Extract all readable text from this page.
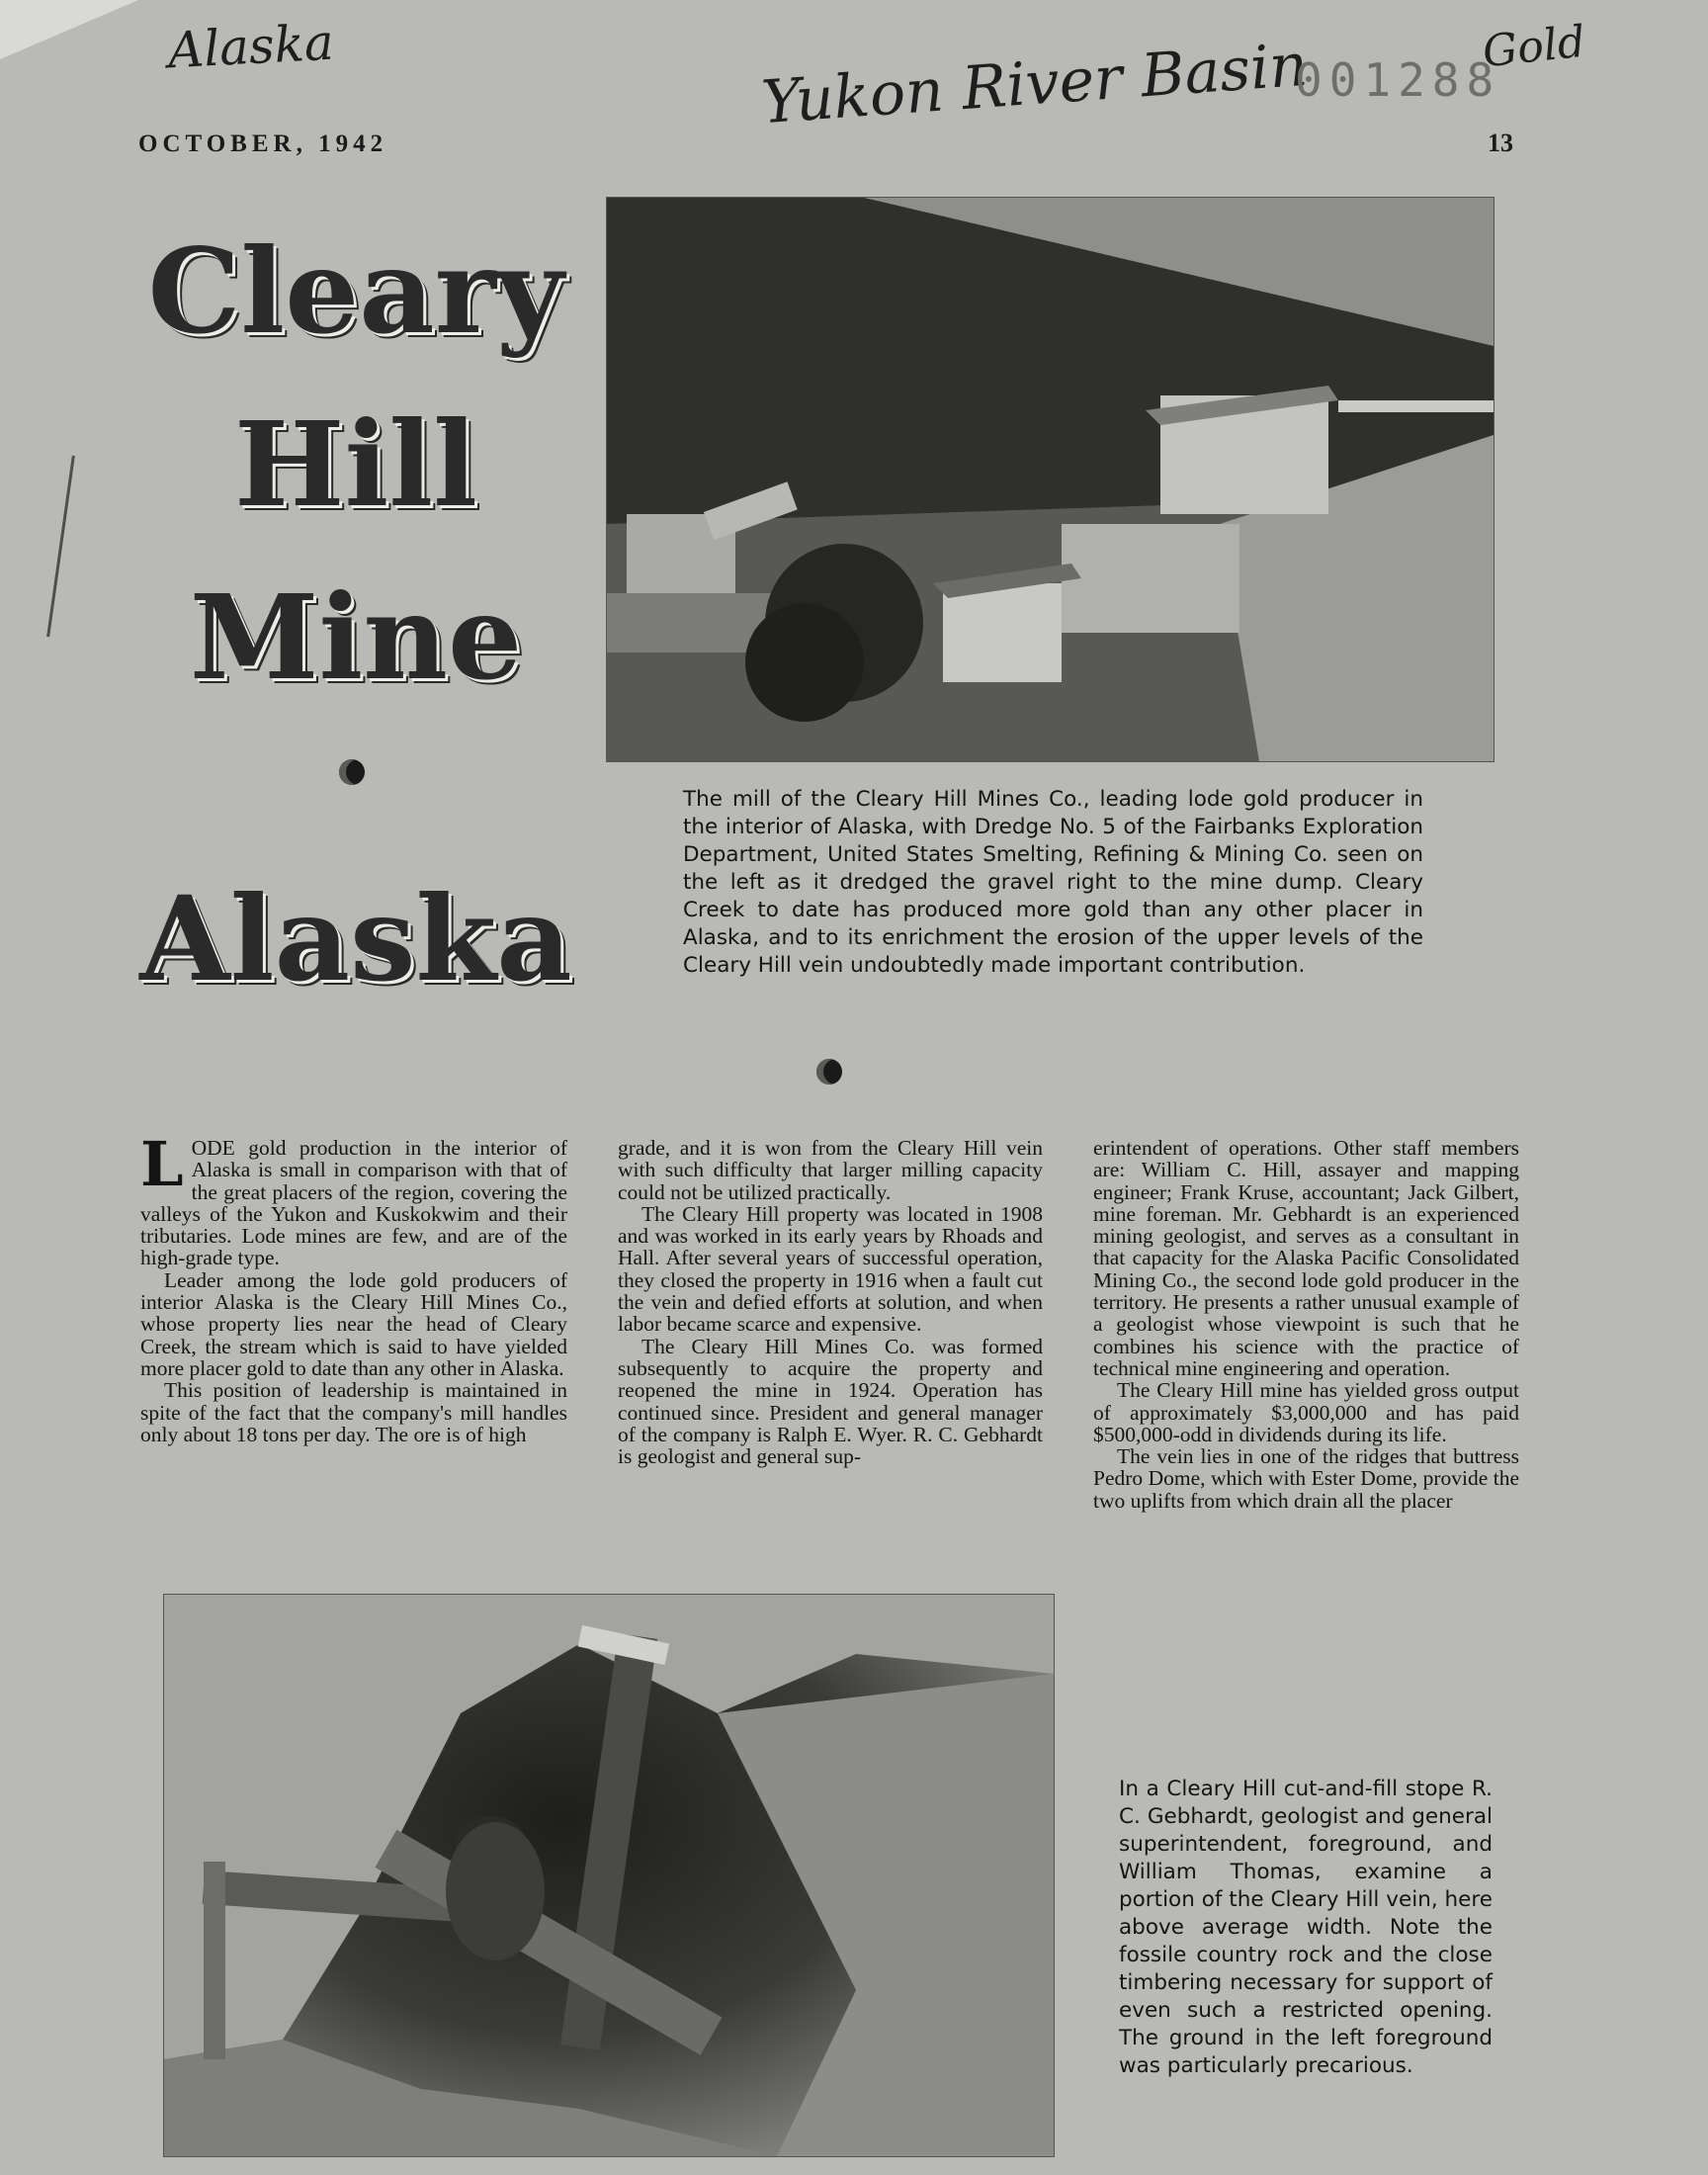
Alaska	Yukon River Basin
001288
Gold
OCTOBER, 1942	13
Cleary
Hill
Mine
Alaska
The mill of the Cleary Hill Mines Co., leading lode gold producer in the interior of Alaska, with Dredge No. 5 of the Fairbanks Exploration Department, United States Smelting, Refining & Mining Co. seen on the left as it dredged the gravel right to the mine dump. Cleary Creek to date has produced more gold than any other placer in Alaska, and to its enrichment the erosion of the upper levels of the Cleary Hill vein undoubtedly made important contribution.

LODE gold production in the interior of Alaska is small in comparison with that of the great placers of the region, covering the valleys of the Yukon and Kuskokwim and their tributaries. Lode mines are few, and are of the high-grade type.

Leader among the lode gold producers of interior Alaska is the Cleary Hill Mines Co., whose property lies near the head of Cleary Creek, the stream which is said to have yielded more placer gold to date than any other in Alaska.

This position of leadership is maintained in spite of the fact that the company's mill handles only about 18 tons per day. The ore is of high

grade, and it is won from the Cleary Hill vein with such difficulty that larger milling capacity could not be utilized practically.

The Cleary Hill property was located in 1908 and was worked in its early years by Rhoads and Hall. After several years of successful operation, they closed the property in 1916 when a fault cut the vein and defied efforts at solution, and when labor became scarce and expensive.

The Cleary Hill Mines Co. was formed subsequently to acquire the property and reopened the mine in 1924. Operation has continued since. President and general manager of the company is Ralph E. Wyer. R. C. Gebhardt is geologist and general sup-

erintendent of operations. Other staff members are: William C. Hill, assayer and mapping engineer; Frank Kruse, accountant; Jack Gilbert, mine foreman. Mr. Gebhardt is an experienced mining geologist, and serves as a consultant in that capacity for the Alaska Pacific Consolidated Mining Co., the second lode gold producer in the territory. He presents a rather unusual example of a geologist whose viewpoint is such that he combines his science with the practice of technical mine engineering and operation.

The Cleary Hill mine has yielded gross output of approximately $3,000,000 and has paid $500,000-odd in dividends during its life.

The vein lies in one of the ridges that buttress Pedro Dome, which with Ester Dome, provide the two uplifts from which drain all the placer

In a Cleary Hill cut-and-fill stope R. C. Gebhardt, geologist and general superintendent, foreground, and William Thomas, examine a portion of the Cleary Hill vein, here above average width. Note the fossile country rock and the close timbering necessary for support of even such a restricted opening. The ground in the left foreground was particularly precarious.
